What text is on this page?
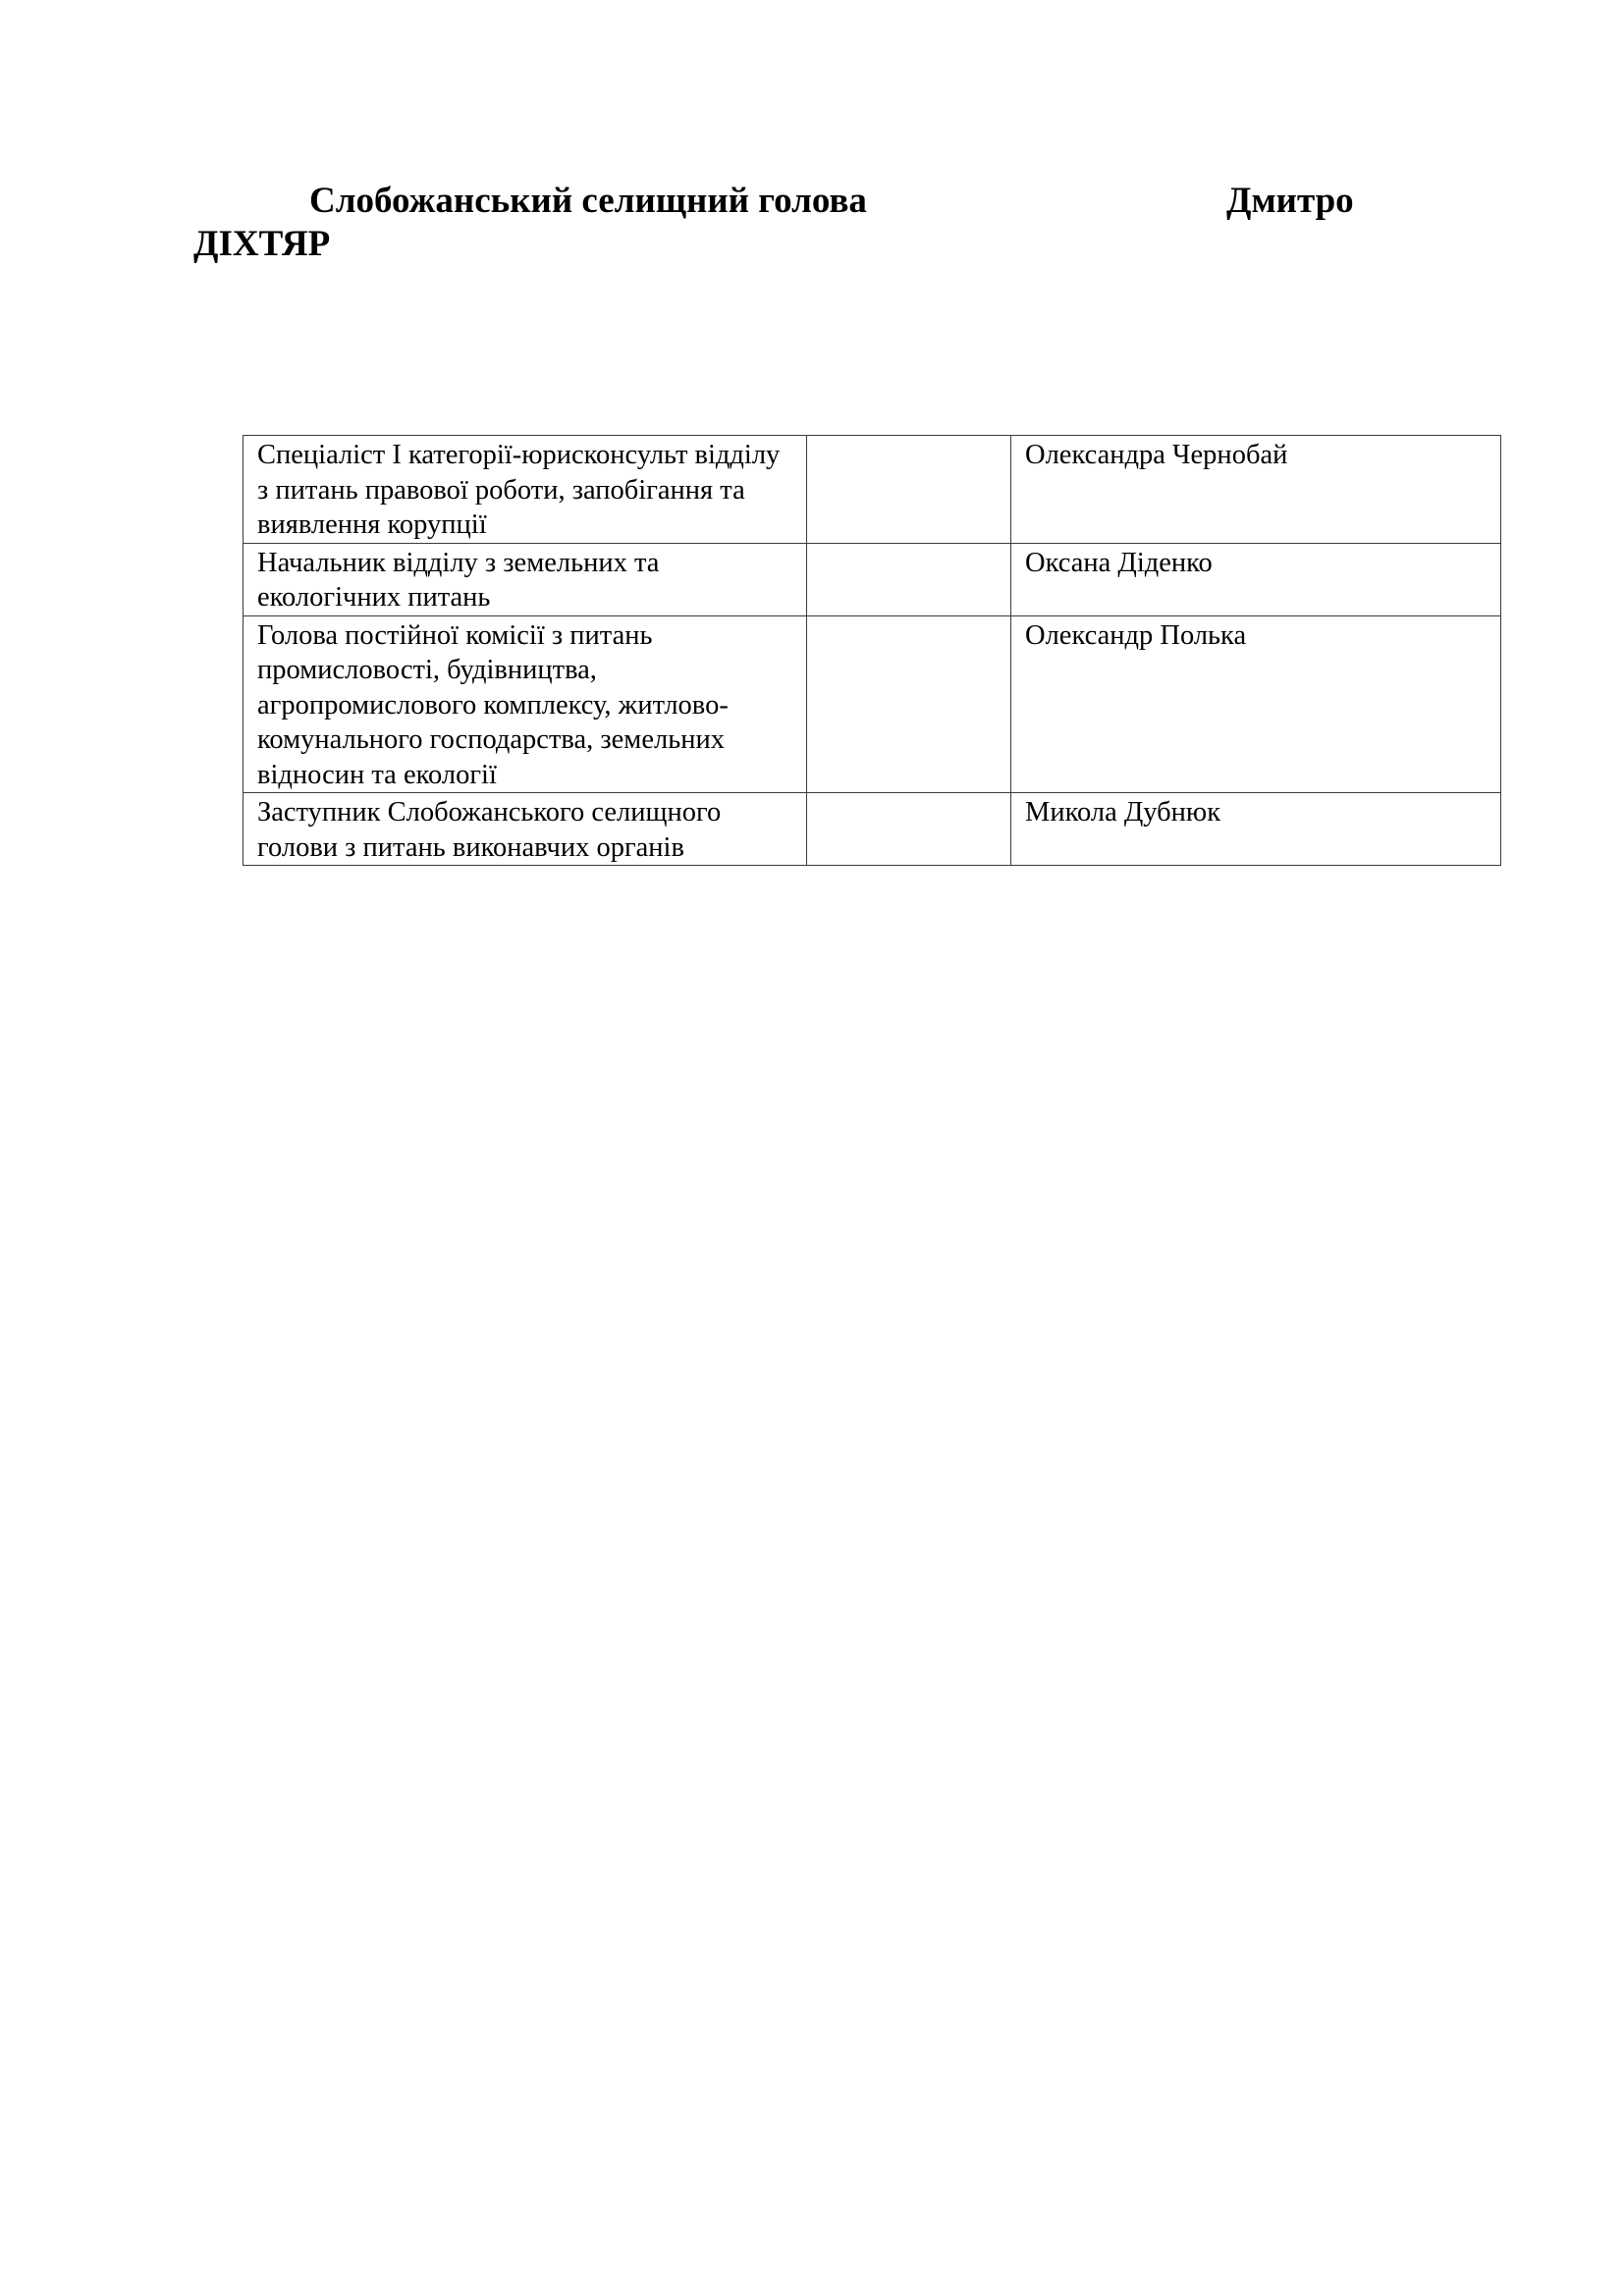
Слобожанський селищний голова	Дмитро
ДІХТЯР
Спеціаліст І категорії-юрисконсульт відділу з питань правової роботи, запобігання та виявлення корупції		Олександра Чернобай
Начальник відділу з земельних та екологічних питань		Оксана Діденко
Голова постійної комісії з питань промисловості, будівництва, агропромислового комплексу, житлово-комунального господарства, земельних відносин та екології		Олександр Полька
Заступник Слобожанського селищного голови з питань виконавчих органів		Микола Дубнюк
